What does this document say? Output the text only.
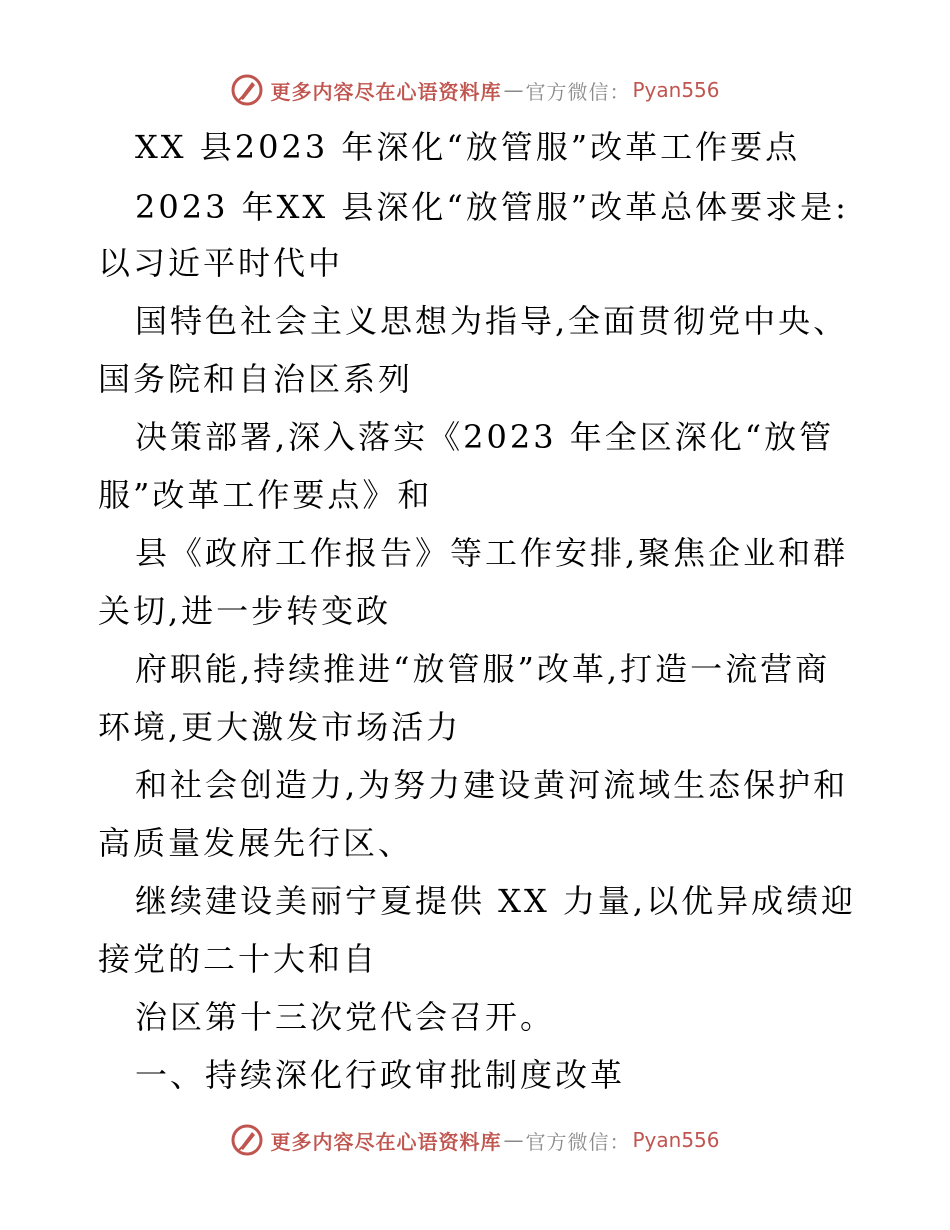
更多内容尽在心语资料库 — 官方微信： Pyan556
XX 县2023 年深化“放管服”改革工作要点
2023 年XX 县深化“放管服”改革总体要求是:
以习近平时代中
国特色社会主义思想为指导,全面贯彻党中央、
国务院和自治区系列
决策部署,深入落实《2023 年全区深化“放管
服”改革工作要点》和
县《政府工作报告》等工作安排,聚焦企业和群
关切,进一步转变政
府职能,持续推进“放管服”改革,打造一流营商
环境,更大激发市场活力
和社会创造力,为努力建设黄河流域生态保护和
高质量发展先行区、
继续建设美丽宁夏提供 XX 力量,以优异成绩迎
接党的二十大和自
治区第十三次党代会召开。
一、持续深化行政审批制度改革
更多内容尽在心语资料库 — 官方微信： Pyan556
